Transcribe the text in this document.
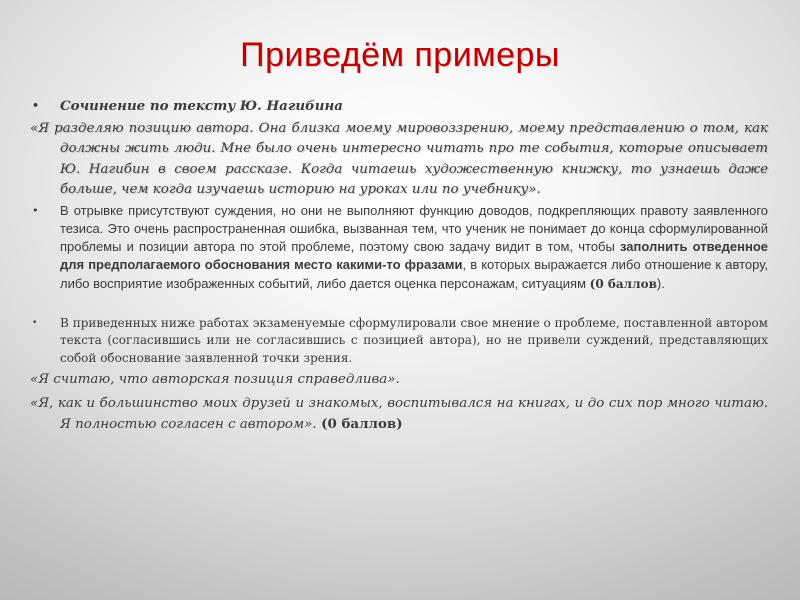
Приведём примеры

• Сочинение по тексту Ю. Нагибина

«Я разделяю позицию автора. Она близка моему мировоззрению, моему представлению о том, как должны жить люди. Мне было очень интересно читать про те события, которые описывает Ю. Нагибин в своем рассказе. Когда читаешь художественную книжку, то узнаешь даже больше, чем когда изучаешь историю на уроках или по учебнику».

• В отрывке присутствуют суждения, но они не выполняют функцию доводов, подкрепляющих правоту заявленного тезиса. Это очень распространенная ошибка, вызванная тем, что ученик не понимает до конца сформулированной проблемы и позиции автора по этой проблеме, поэтому свою задачу видит в том, чтобы заполнить отведенное для предполагаемого обоснования место какими-то фразами, в которых выражается либо отношение к автору, либо восприятие изображенных событий, либо дается оценка персонажам, ситуациям (0 баллов).

• В приведенных ниже работах экзаменуемые сформулировали свое мнение о проблеме, поставленной автором текста (согласившись или не согласившись с позицией автора), но не привели суждений, представляющих собой обоснование заявленной точки зрения.

«Я считаю, что авторская позиция справедлива».

«Я, как и большинство моих друзей и знакомых, воспитывался на книгах, и до сих пор много читаю. Я полностью согласен с автором». (0 баллов)
